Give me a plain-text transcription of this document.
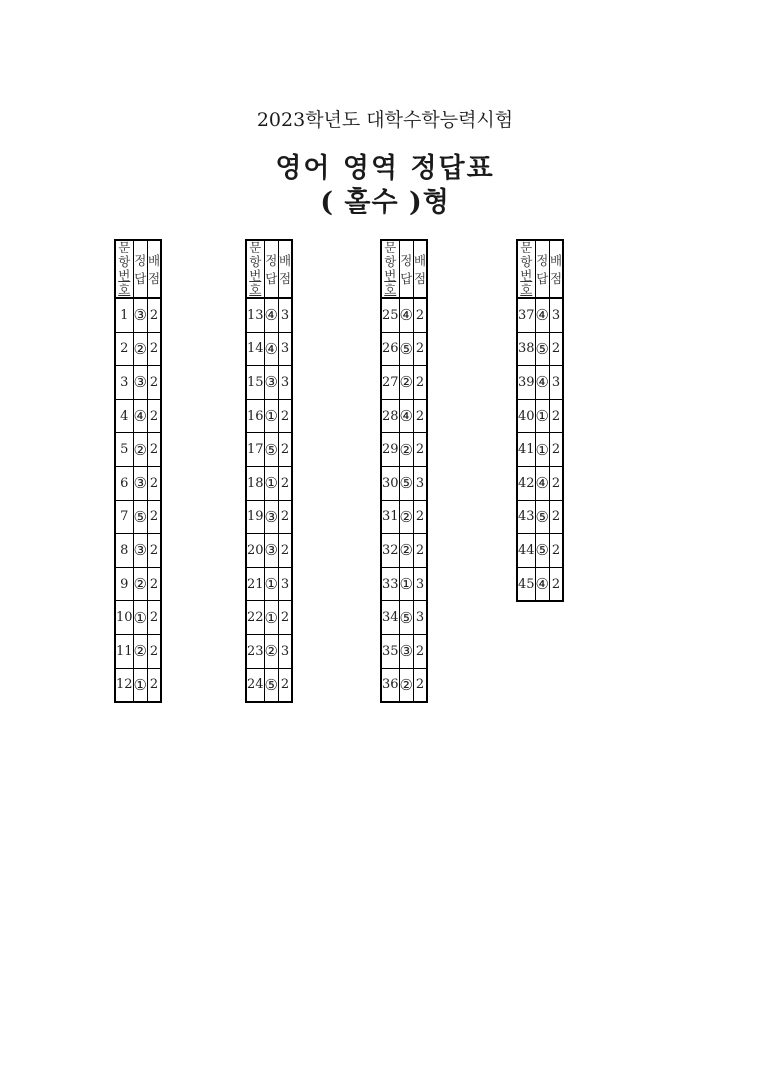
2023학년도 대학수학능력시험
영어 영역 정답표
( 홀수 )형
문항
번호	정답	배점
1	③	2
2	②	2
3	③	2
4	④	2
5	②	2
6	③	2
7	⑤	2
8	③	2
9	②	2
10	①	2
11	②	2
12	①	2
문항
번호	정답	배점
13	④	3
14	④	3
15	③	3
16	①	2
17	⑤	2
18	①	2
19	③	2
20	③	2
21	①	3
22	①	2
23	②	3
24	⑤	2
문항
번호	정답	배점
25	④	2
26	⑤	2
27	②	2
28	④	2
29	②	2
30	⑤	3
31	②	2
32	②	2
33	①	3
34	⑤	3
35	③	2
36	②	2
문항
번호	정답	배점
37	④	3
38	⑤	2
39	④	3
40	①	2
41	①	2
42	④	2
43	⑤	2
44	⑤	2
45	④	2
